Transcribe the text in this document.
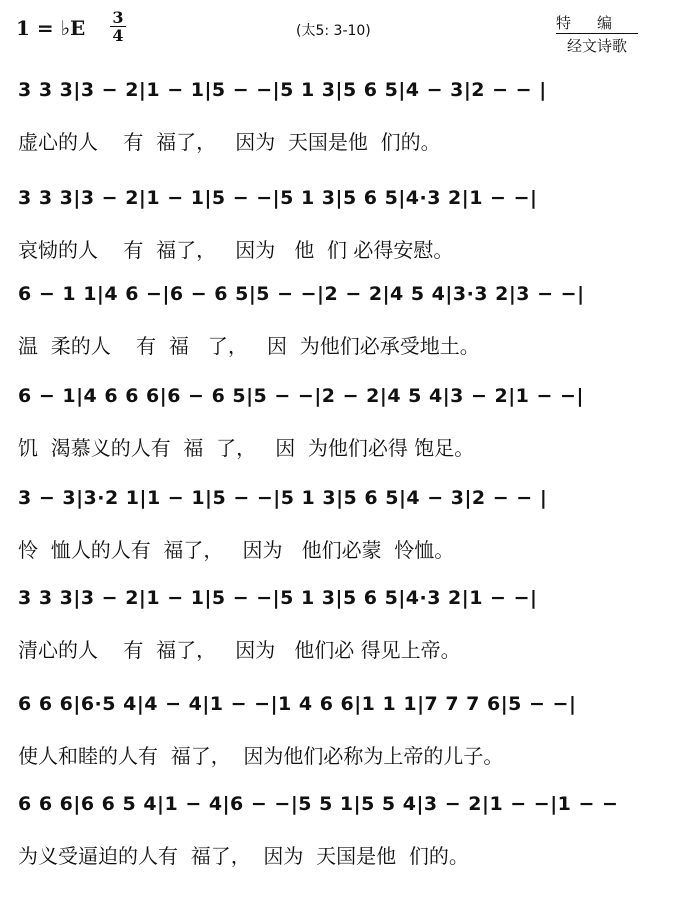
1 = ♭E 3
4	(太5: 3-10)	特编
经文诗歌
3 3 3|3 − 2|1 − 1|5 − −|5 1 3|5 6 5|4 − 3|2 − − |
虚心的人    有  福了，   因为  天国是他  们的。
3 3 3|3 − 2|1 − 1|5 − −|5 1 3|5 6 5|4·3 2|1 − −|
哀恸的人    有  福了，   因为   他  们 必得安慰。
6 − 1 1|4 6 −|6 − 6 5|5 − −|2 − 2|4 5 4|3·3 2|3 − −|
温  柔的人    有  福   了，   因  为他们必承受地土。
6 − 1|4 6 6 6|6 − 6 5|5 − −|2 − 2|4 5 4|3 − 2|1 − −|
饥  渴慕义的人有  福  了，   因  为他们必得 饱足。
3 − 3|3·2 1|1 − 1|5 − −|5 1 3|5 6 5|4 − 3|2 − − |
怜  恤人的人有  福了，   因为   他们必蒙  怜恤。
3 3 3|3 − 2|1 − 1|5 − −|5 1 3|5 6 5|4·3 2|1 − −|
清心的人    有  福了，   因为   他们必 得见上帝。
6 6 6|6·5 4|4 − 4|1 − −|1 4 6 6|1 1 1|7 7 7 6|5 − −|
使人和睦的人有  福了，  因为他们必称为上帝的儿子。
6 6 6|6 6 5 4|1 − 4|6 − −|5 5 1|5 5 4|3 − 2|1 − −|1 − −
为义受逼迫的人有  福了，  因为  天国是他  们的。
